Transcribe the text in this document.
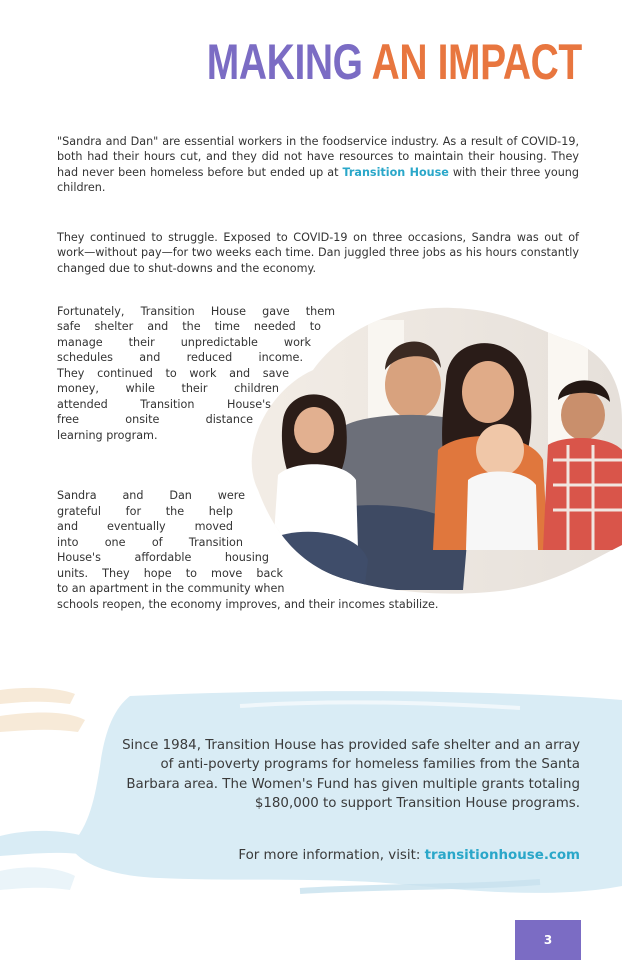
MAKING AN IMPACT

"Sandra and Dan" are essential workers in the foodservice industry. As a result of COVID-19, both had their hours cut, and they did not have resources to maintain their housing. They had never been homeless before but ended up at Transition House with their three young children.

They continued to struggle. Exposed to COVID-19 on three occasions, Sandra was out of work—without pay—for two weeks each time. Dan juggled three jobs as his hours constantly changed due to shut-downs and the economy.

Fortunately, Transition House gave them
safe shelter and the time needed to
manage their unpredictable work
schedules and reduced income.
They continued to work and save
money, while their children
attended Transition House's
free onsite distance
learning program.
Sandra and Dan were
grateful for the help
and eventually moved
into one of Transition
House's affordable housing
units. They hope to move back
to an apartment in the community when
schools reopen, the economy improves, and their incomes stabilize.

Since 1984, Transition House has provided safe shelter and an array of anti-poverty programs for homeless families from the Santa Barbara area. The Women's Fund has given multiple grants totaling $180,000 to support Transition House programs.

For more information, visit: transitionhouse.com

3
